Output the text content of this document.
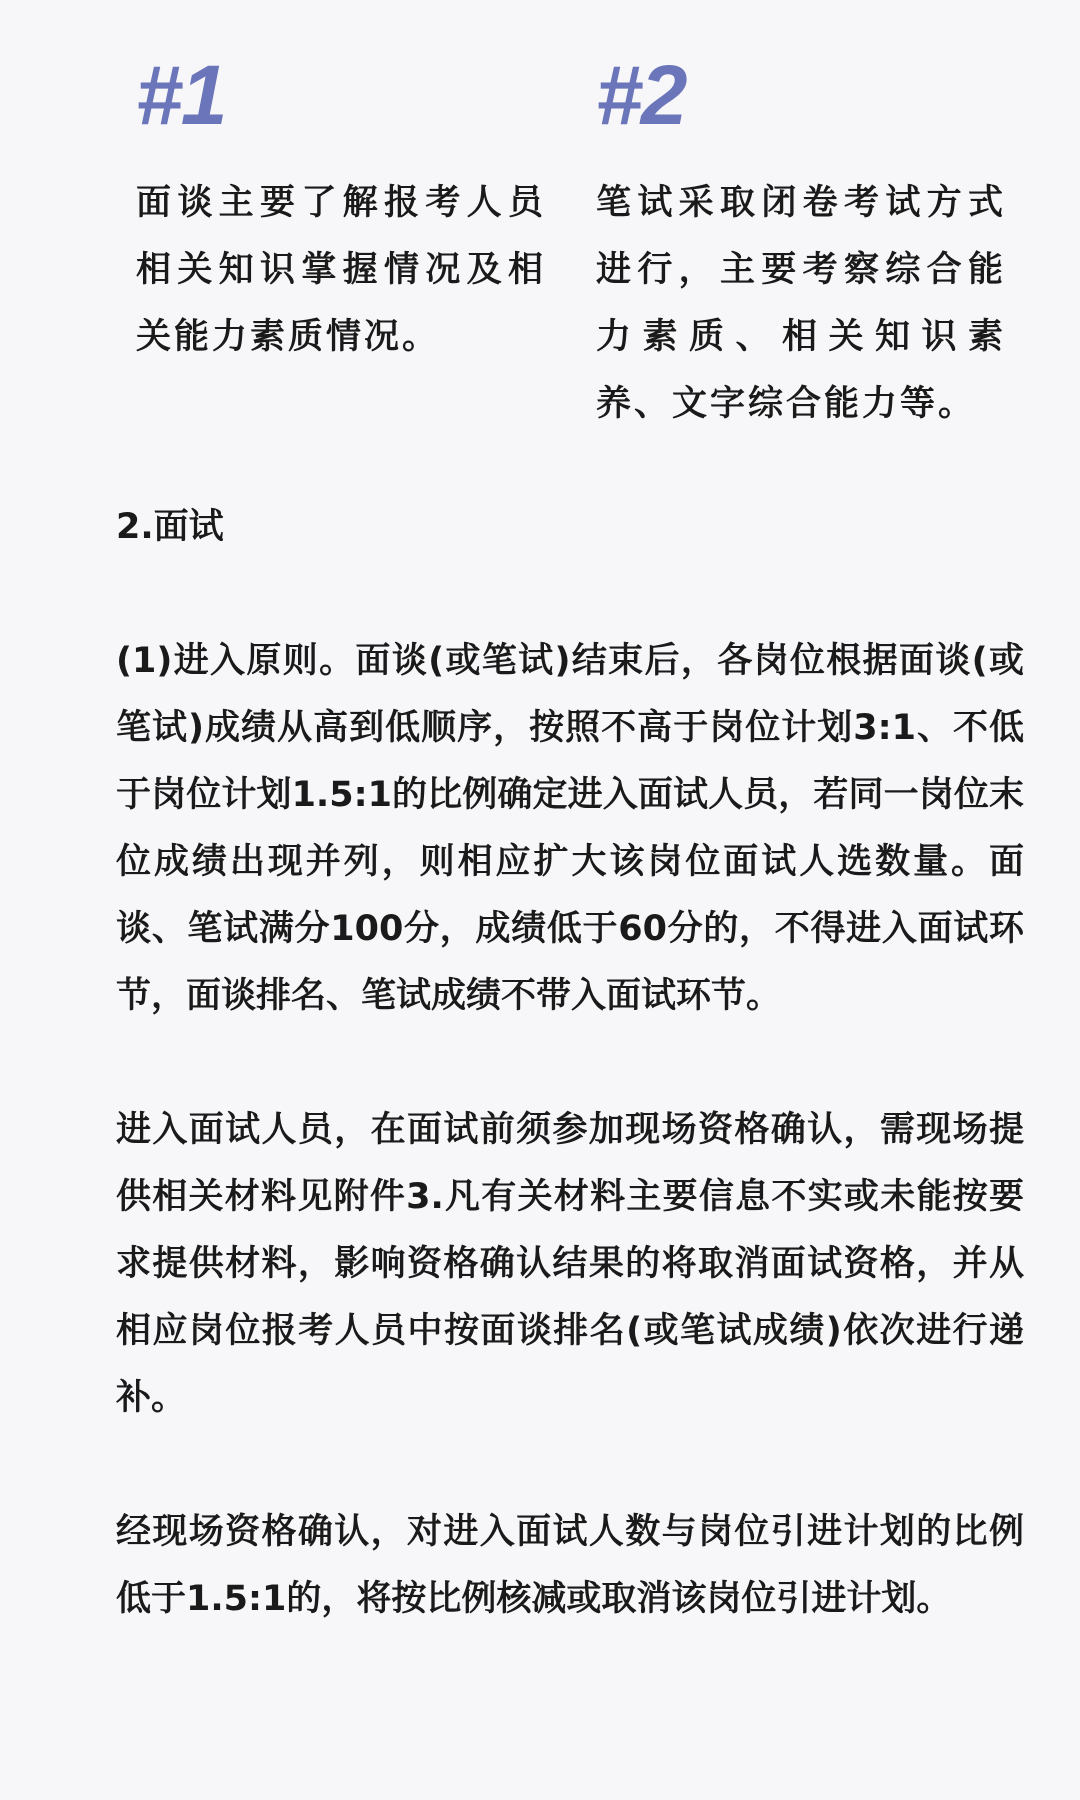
#1
面谈主要了解报考人员相关知识掌握情况及相关能力素质情况。
#2
笔试采取闭卷考试方式进行，主要考察综合能力素质、相关知识素养、文字综合能力等。
2.面试
(1)进入原则。面谈(或笔试)结束后，各岗位根据面谈(或笔试)成绩从高到低顺序，按照不高于岗位计划3:1、不低于岗位计划1.5:1的比例确定进入面试人员，若同一岗位末位成绩出现并列，则相应扩大该岗位面试人选数量。面谈、笔试满分100分，成绩低于60分的，不得进入面试环节，面谈排名、笔试成绩不带入面试环节。
进入面试人员，在面试前须参加现场资格确认，需现场提供相关材料见附件3.凡有关材料主要信息不实或未能按要求提供材料，影响资格确认结果的将取消面试资格，并从相应岗位报考人员中按面谈排名(或笔试成绩)依次进行递补。
经现场资格确认，对进入面试人数与岗位引进计划的比例低于1.5:1的，将按比例核减或取消该岗位引进计划。
